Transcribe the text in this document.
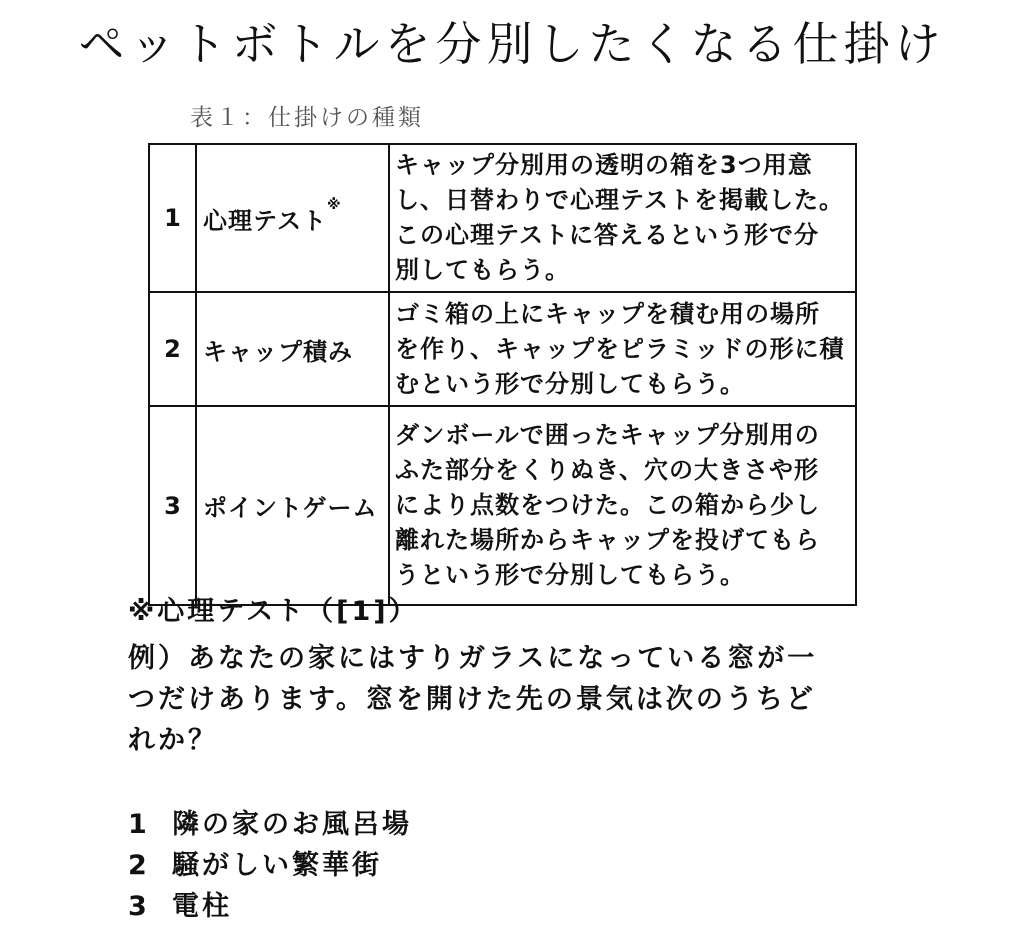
ペットボトルを分別したくなる仕掛け
表１：仕掛けの種類
1	心理テスト※	キャップ分別用の透明の箱を3つ用意
し、日替わりで心理テストを掲載した。
この心理テストに答えるという形で分
別してもらう。

2	キャップ積み	ゴミ箱の上にキャップを積む用の場所
を作り、キャップをピラミッドの形に積
むという形で分別してもらう。

3	ポイントゲーム	ダンボールで囲ったキャップ分別用の
ふた部分をくりぬき、穴の大きさや形
により点数をつけた。この箱から少し
離れた場所からキャップを投げてもら
うという形で分別してもらう。
※心理テスト（[1]）
例）あなたの家にはすりガラスになっている窓が一
つだけあります。窓を開けた先の景気は次のうちど
れか？
1 隣の家のお風呂場
2 騒がしい繁華街
3 電柱
